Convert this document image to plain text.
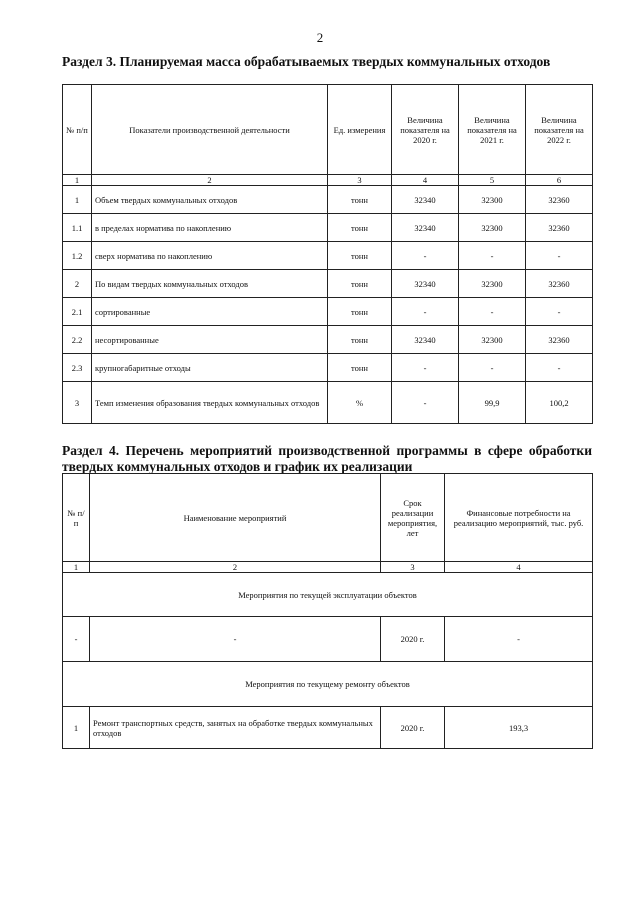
2
Раздел 3. Планируемая масса обрабатываемых твердых коммунальных отходов
№ п/п	Показатели производственной деятельности	Ед. измерения	Величина показателя на 2020 г.	Величина показателя на 2021 г.	Величина показателя на 2022 г.
1	2	3	4	5	6
1	Объем твердых коммунальных отходов	тонн	32340	32300	32360
1.1	в пределах норматива по накоплению	тонн	32340	32300	32360
1.2	сверх норматива по накоплению	тонн	-	-	-
2	По видам твердых коммунальных отходов	тонн	32340	32300	32360
2.1	сортированные	тонн	-	-	-
2.2	несортированные	тонн	32340	32300	32360
2.3	крупногабаритные отходы	тонн	-	-	-
3	Темп изменения образования твердых коммунальных отходов	%	-	99,9	100,2
Раздел 4. Перечень мероприятий производственной программы в сфере обработки твердых коммунальных отходов и график их реализации
№ п/п	Наименование мероприятий	Срок реализации мероприятия, лет	Финансовые потребности на реализацию мероприятий, тыс. руб.
1	2	3	4
Мероприятия по текущей эксплуатации объектов			
-	-	2020 г.	-
Мероприятия по текущему ремонту объектов			
1	Ремонт транспортных средств, занятых на обработке твердых коммунальных отходов	2020 г.	193,3
